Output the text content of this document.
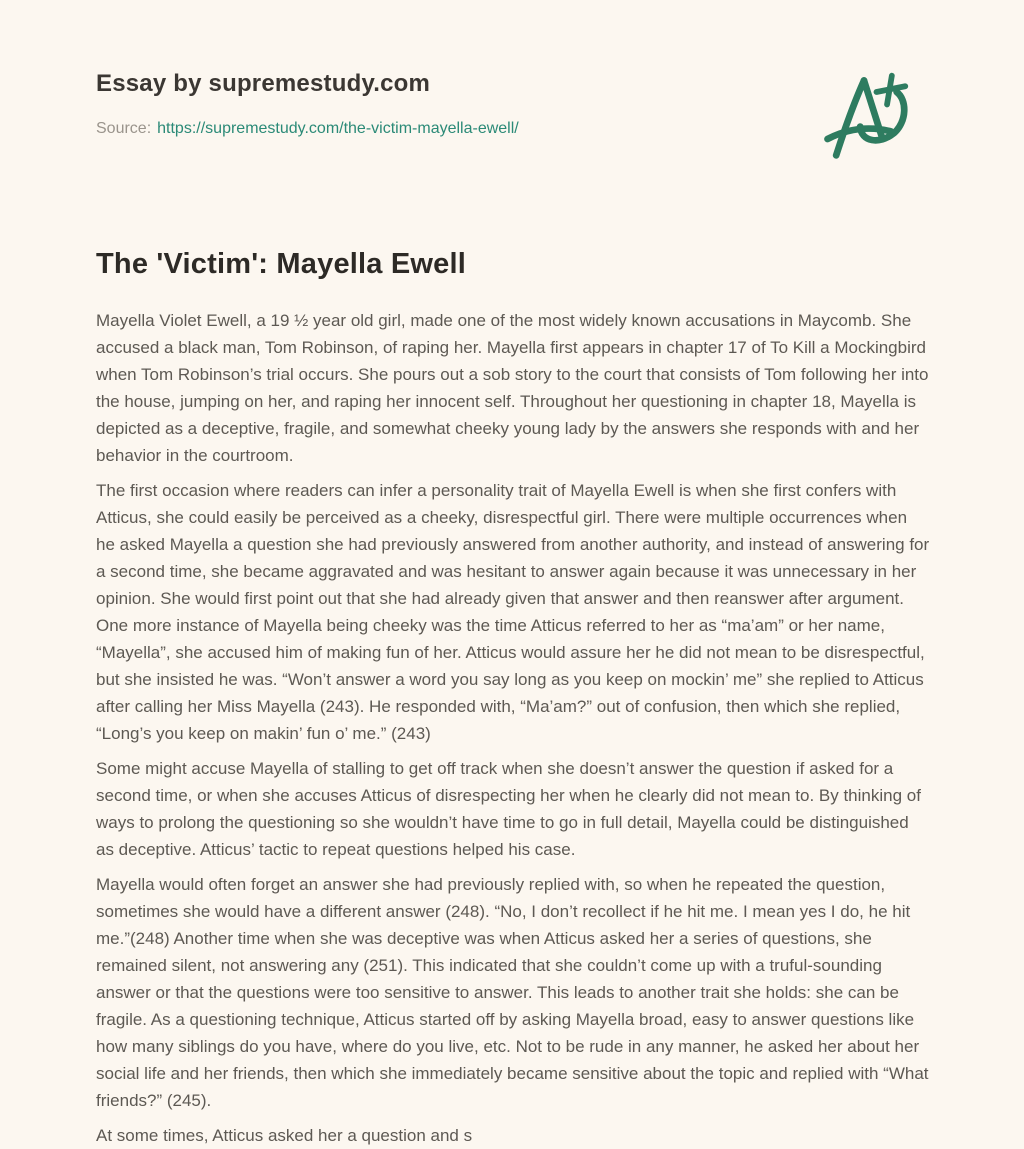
Essay by supremestudy.com
Source: https://supremestudy.com/the-victim-mayella-ewell/
The 'Victim': Mayella Ewell

Mayella Violet Ewell, a 19 ½ year old girl, made one of the most widely known accusations in Maycomb. She accused a black man, Tom Robinson, of raping her. Mayella first appears in chapter 17 of To Kill a Mockingbird when Tom Robinson’s trial occurs. She pours out a sob story to the court that consists of Tom following her into the house, jumping on her, and raping her innocent self. Throughout her questioning in chapter 18, Mayella is depicted as a deceptive, fragile, and somewhat cheeky young lady by the answers she responds with and her behavior in the courtroom.

The first occasion where readers can infer a personality trait of Mayella Ewell is when she first confers with Atticus, she could easily be perceived as a cheeky, disrespectful girl. There were multiple occurrences when he asked Mayella a question she had previously answered from another authority, and instead of answering for a second time, she became aggravated and was hesitant to answer again because it was unnecessary in her opinion. She would first point out that she had already given that answer and then reanswer after argument. One more instance of Mayella being cheeky was the time Atticus referred to her as “ma’am” or her name, “Mayella”, she accused him of making fun of her. Atticus would assure her he did not mean to be disrespectful, but she insisted he was. “Won’t answer a word you say long as you keep on mockin’ me” she replied to Atticus after calling her Miss Mayella (243). He responded with, “Ma’am?” out of confusion, then which she replied, “Long’s you keep on makin’ fun o’ me.” (243)

Some might accuse Mayella of stalling to get off track when she doesn’t answer the question if asked for a second time, or when she accuses Atticus of disrespecting her when he clearly did not mean to. By thinking of ways to prolong the questioning so she wouldn’t have time to go in full detail, Mayella could be distinguished as deceptive. Atticus’ tactic to repeat questions helped his case.

Mayella would often forget an answer she had previously replied with, so when he repeated the question, sometimes she would have a different answer (248). “No, I don’t recollect if he hit me. I mean yes I do, he hit me.”(248) Another time when she was deceptive was when Atticus asked her a series of questions, she remained silent, not answering any (251). This indicated that she couldn’t come up with a truful-sounding answer or that the questions were too sensitive to answer. This leads to another trait she holds: she can be fragile. As a questioning technique, Atticus started off by asking Mayella broad, easy to answer questions like how many siblings do you have, where do you live, etc. Not to be rude in any manner, he asked her about her social life and her friends, then which she immediately became sensitive about the topic and replied with “What friends?” (245).

At some times, Atticus asked her a question and s
